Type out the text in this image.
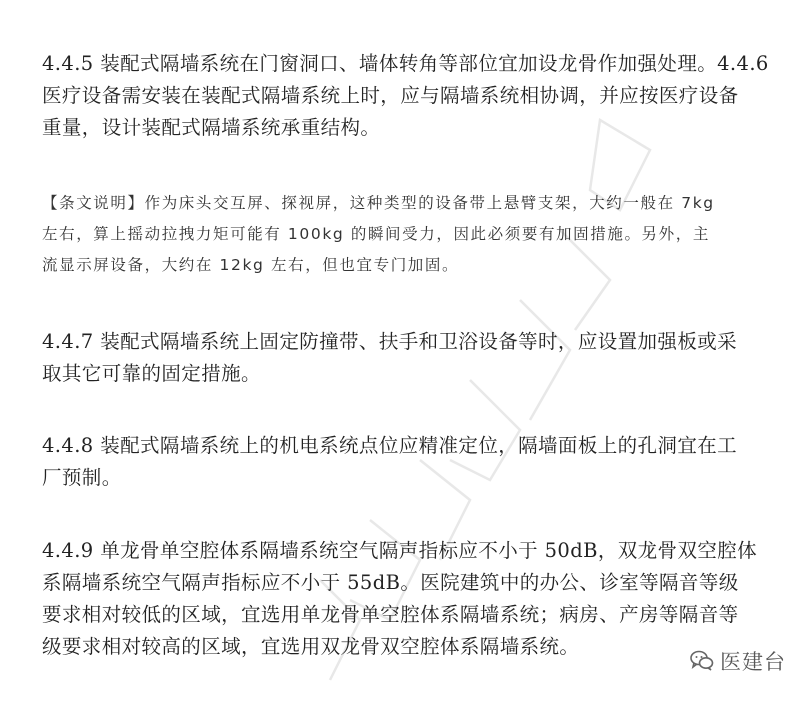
4.4.5 装配式隔墙系统在门窗洞口、墙体转角等部位宜加设龙骨作加强处理。4.4.6
医疗设备需安装在装配式隔墙系统上时，应与隔墙系统相协调，并应按医疗设备
重量，设计装配式隔墙系统承重结构。
【条文说明】作为床头交互屏、探视屏，这种类型的设备带上悬臂支架，大约一般在 7kg
左右，算上摇动拉拽力矩可能有 100kg 的瞬间受力，因此必须要有加固措施。另外，主
流显示屏设备，大约在 12kg 左右，但也宜专门加固。
4.4.7 装配式隔墙系统上固定防撞带、扶手和卫浴设备等时，应设置加强板或采
取其它可靠的固定措施。
4.4.8 装配式隔墙系统上的机电系统点位应精准定位，隔墙面板上的孔洞宜在工
厂预制。
4.4.9 单龙骨单空腔体系隔墙系统空气隔声指标应不小于 50dB，双龙骨双空腔体
系隔墙系统空气隔声指标应不小于 55dB。医院建筑中的办公、诊室等隔音等级
要求相对较低的区域，宜选用单龙骨单空腔体系隔墙系统；病房、产房等隔音等
级要求相对较高的区域，宜选用双龙骨双空腔体系隔墙系统。
医建台
